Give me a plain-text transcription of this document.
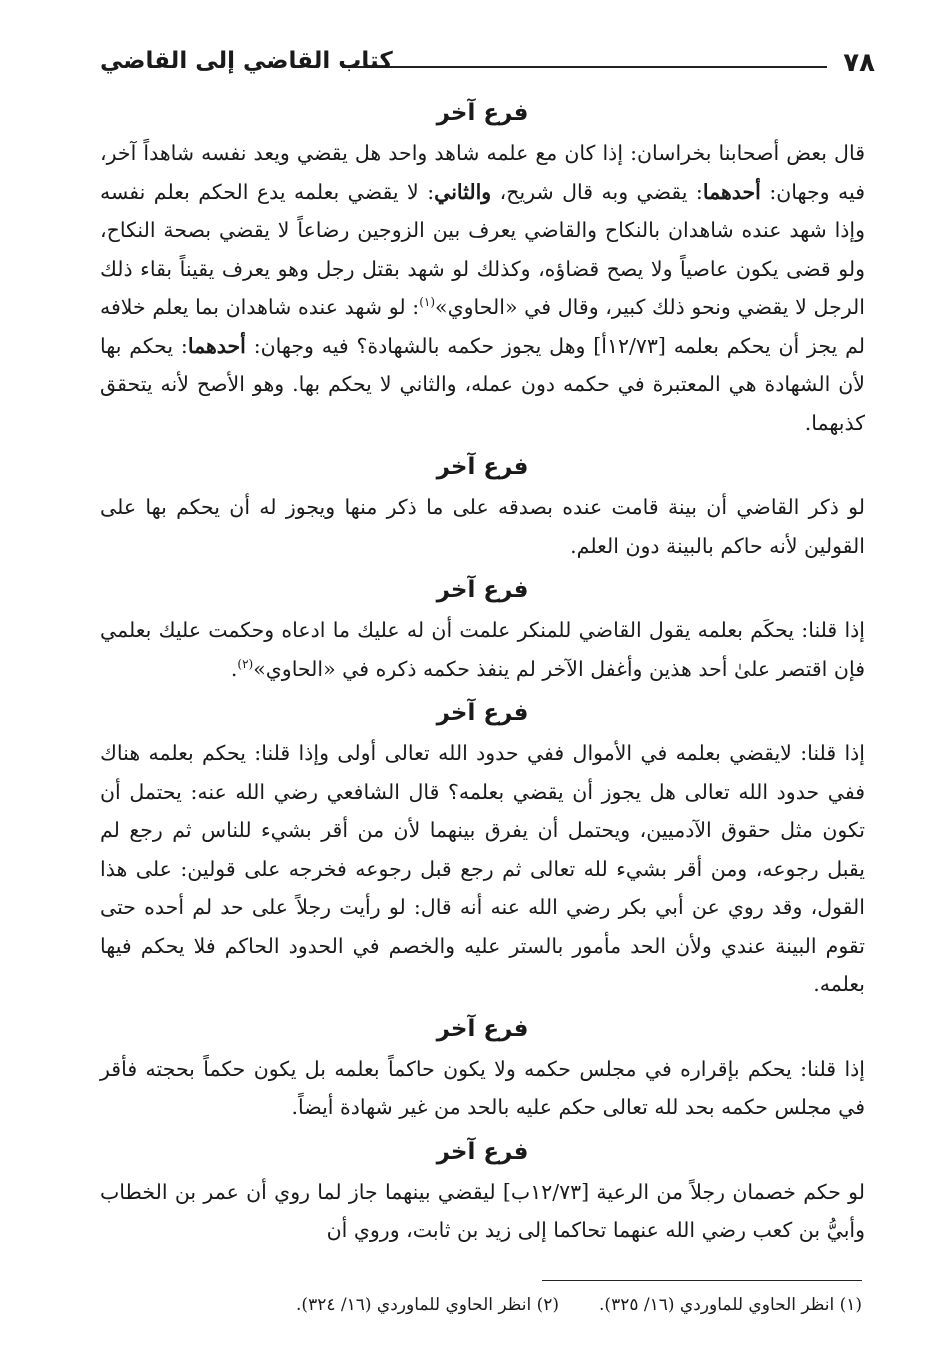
٧٨
كتاب القاضي إلى القاضي
فرع آخر

قال بعض أصحابنا بخراسان: إذا كان مع علمه شاهد واحد هل يقضي ويعد نفسه شاهداً آخر، فيه وجهان: أحدهما: يقضي وبه قال شريح، والثاني: لا يقضي بعلمه يدع الحكم بعلم نفسه وإذا شهد عنده شاهدان بالنكاح والقاضي يعرف بين الزوجين رضاعاً لا يقضي بصحة النكاح، ولو قضى يكون عاصياً ولا يصح قضاؤه، وكذلك لو شهد بقتل رجل وهو يعرف يقيناً بقاء ذلك الرجل لا يقضي ونحو ذلك كبير، وقال في «الحاوي»$^{(١)}$: لو شهد عنده شاهدان بما يعلم خلافه لم يجز أن يحكم بعلمه [١٢/٧٣أ] وهل يجوز حكمه بالشهادة؟ فيه وجهان: أحدهما: يحكم بها لأن الشهادة هي المعتبرة في حكمه دون عمله، والثاني لا يحكم بها. وهو الأصح لأنه يتحقق كذبهما.

فرع آخر

لو ذكر القاضي أن بينة قامت عنده بصدقه على ما ذكر منها ويجوز له أن يحكم بها على القولين لأنه حاكم بالبينة دون العلم.

فرع آخر

إذا قلنا: يحكَم بعلمه يقول القاضي للمنكر علمت أن له عليك ما ادعاه وحكمت عليك بعلمي فإن اقتصر علىٰ أحد هذين وأغفل الآخر لم ينفذ حكمه ذكره في «الحاوي»$^{(٢)}$.

فرع آخر

إذا قلنا: لايقضي بعلمه في الأموال ففي حدود الله تعالى أولى وإذا قلنا: يحكم بعلمه هناك ففي حدود الله تعالى هل يجوز أن يقضي بعلمه؟ قال الشافعي رضي الله عنه: يحتمل أن تكون مثل حقوق الآدميين، ويحتمل أن يفرق بينهما لأن من أقر بشيء للناس ثم رجع لم يقبل رجوعه، ومن أقر بشيء لله تعالى ثم رجع قبل رجوعه فخرجه على قولين: على هذا القول، وقد روي عن أبي بكر رضي الله عنه أنه قال: لو رأيت رجلاً على حد لم أحده حتى تقوم البينة عندي ولأن الحد مأمور بالستر عليه والخصم في الحدود الحاكم فلا يحكم فيها بعلمه.

فرع آخر

إذا قلنا: يحكم بإقراره في مجلس حكمه ولا يكون حاكماً بعلمه بل يكون حكماً بحجته فأقر في مجلس حكمه بحد لله تعالى حكم عليه بالحد من غير شهادة أيضاً.

فرع آخر

لو حكم خصمان رجلاً من الرعية [١٢/٧٣ب] ليقضي بينهما جاز لما روي أن عمر بن الخطاب وأبيُّ بن كعب رضي الله عنهما تحاكما إلى زيد بن ثابت، وروي أن

(١) انظر الحاوي للماوردي (١٦/ ٣٢٥).
(٢) انظر الحاوي للماوردي (١٦/ ٣٢٤).
